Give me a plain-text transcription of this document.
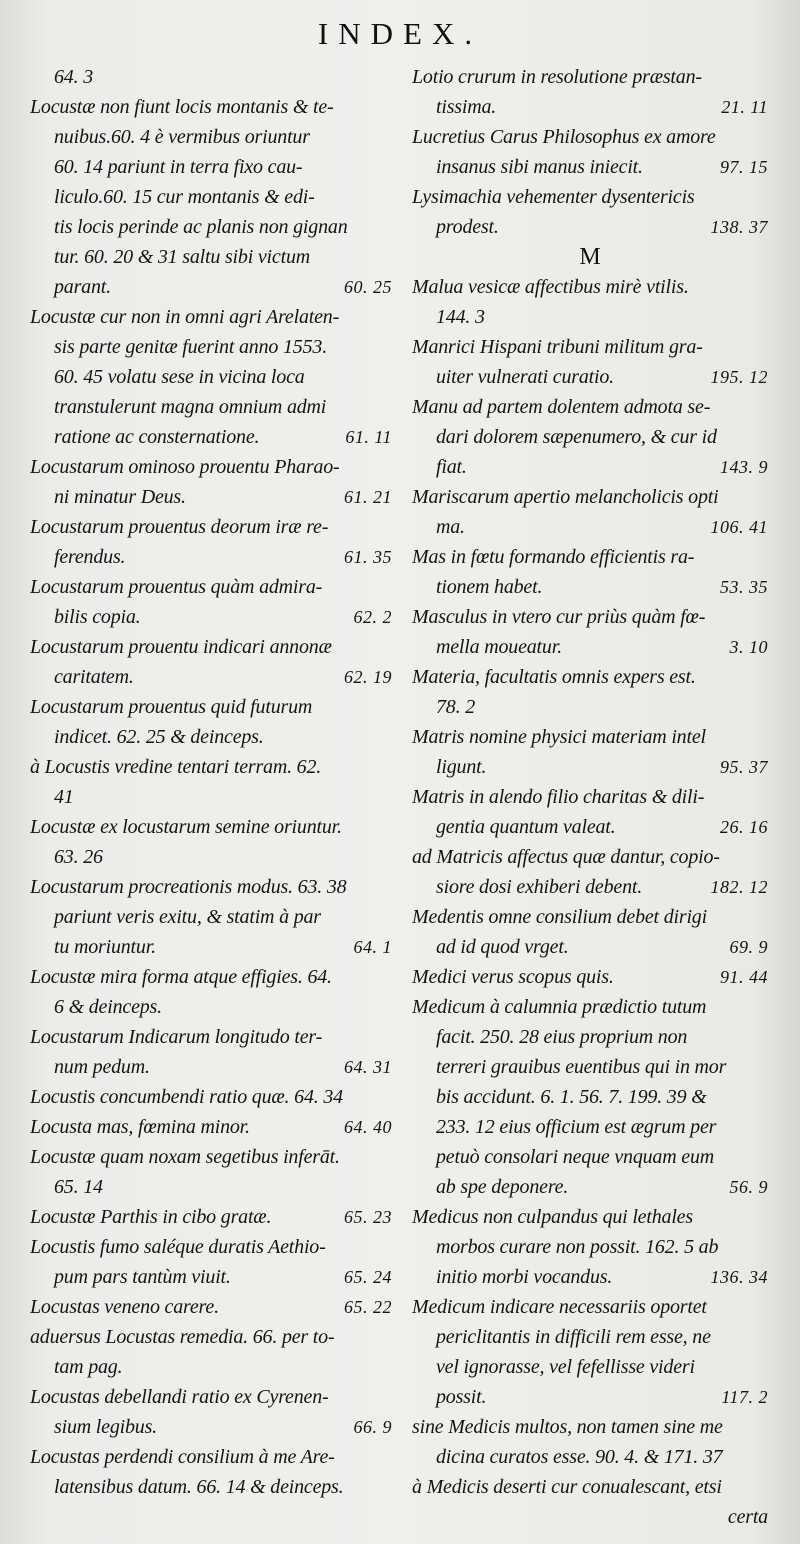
INDEX.
64. 3
Locustæ non fiunt locis montanis & te-
nuibus.60. 4 è vermibus oriuntur
60. 14 pariunt in terra fixo cau-
liculo.60. 15 cur montanis & edi-
tis locis perinde ac planis non gignan
tur. 60. 20 & 31 saltu sibi victum
parant.	60. 25
Locustæ cur non in omni agri Arelaten-
sis parte genitæ fuerint anno 1553.
60. 45 volatu sese in vicina loca
transtulerunt magna omnium admi
ratione ac consternatione.	61. 11
Locustarum ominoso prouentu Pharao-
ni minatur Deus.	61. 21
Locustarum prouentus deorum iræ re-
ferendus.	61. 35
Locustarum prouentus quàm admira-
bilis copia.	62. 2
Locustarum prouentu indicari annonæ
caritatem.	62. 19
Locustarum prouentus quid futurum
indicet. 62. 25 & deinceps.
à Locustis vredine tentari terram. 62.
41
Locustæ ex locustarum semine oriuntur.
63. 26
Locustarum procreationis modus. 63. 38
pariunt veris exitu, & statim à par
tu moriuntur.	64. 1
Locustæ mira forma atque effigies. 64.
6 & deinceps.
Locustarum Indicarum longitudo ter-
num pedum.	64. 31
Locustis concumbendi ratio quæ. 64. 34
Locusta mas, fœmina minor.	64. 40
Locustæ quam noxam segetibus inferāt.
65. 14
Locustæ Parthis in cibo gratæ.	65. 23
Locustis fumo saléque duratis Aethio-
pum pars tantùm viuit.	65. 24
Locustas veneno carere.	65. 22
aduersus Locustas remedia. 66. per to-
tam pag.
Locustas debellandi ratio ex Cyrenen-
sium legibus.	66. 9
Locustas perdendi consilium à me Are-
latensibus datum. 66. 14 & deinceps.
Lotio crurum in resolutione præstan-
tissima.	21. 11
Lucretius Carus Philosophus ex amore
insanus sibi manus iniecit.	97. 15
Lysimachia vehementer dysentericis
prodest.	138. 37
M
Malua vesicæ affectibus mirè vtilis.
144. 3
Manrici Hispani tribuni militum gra-
uiter vulnerati curatio.	195. 12
Manu ad partem dolentem admota se-
dari dolorem sæpenumero, & cur id
fiat.	143. 9
Mariscarum apertio melancholicis opti
ma.	106. 41
Mas in fœtu formando efficientis ra-
tionem habet.	53. 35
Masculus in vtero cur priùs quàm fœ-
mella moueatur.	3. 10
Materia, facultatis omnis expers est.
78. 2
Matris nomine physici materiam intel
ligunt.	95. 37
Matris in alendo filio charitas & dili-
gentia quantum valeat.	26. 16
ad Matricis affectus quæ dantur, copio-
siore dosi exhiberi debent.	182. 12
Medentis omne consilium debet dirigi
ad id quod vrget.	69. 9
Medici verus scopus quis.	91. 44
Medicum à calumnia prædictio tutum
facit. 250. 28 eius proprium non
terreri grauibus euentibus qui in mor
bis accidunt. 6. 1. 56. 7. 199. 39 &
233. 12 eius officium est ægrum per
petuò consolari neque vnquam eum
ab spe deponere.	56. 9
Medicus non culpandus qui lethales
morbos curare non possit. 162. 5 ab
initio morbi vocandus.	136. 34
Medicum indicare necessariis oportet
periclitantis in difficili rem esse, ne
vel ignorasse, vel fefellisse videri
possit.	117. 2
sine Medicis multos, non tamen sine me
dicina curatos esse. 90. 4. & 171. 37
à Medicis deserti cur conualescant, etsi
certa
